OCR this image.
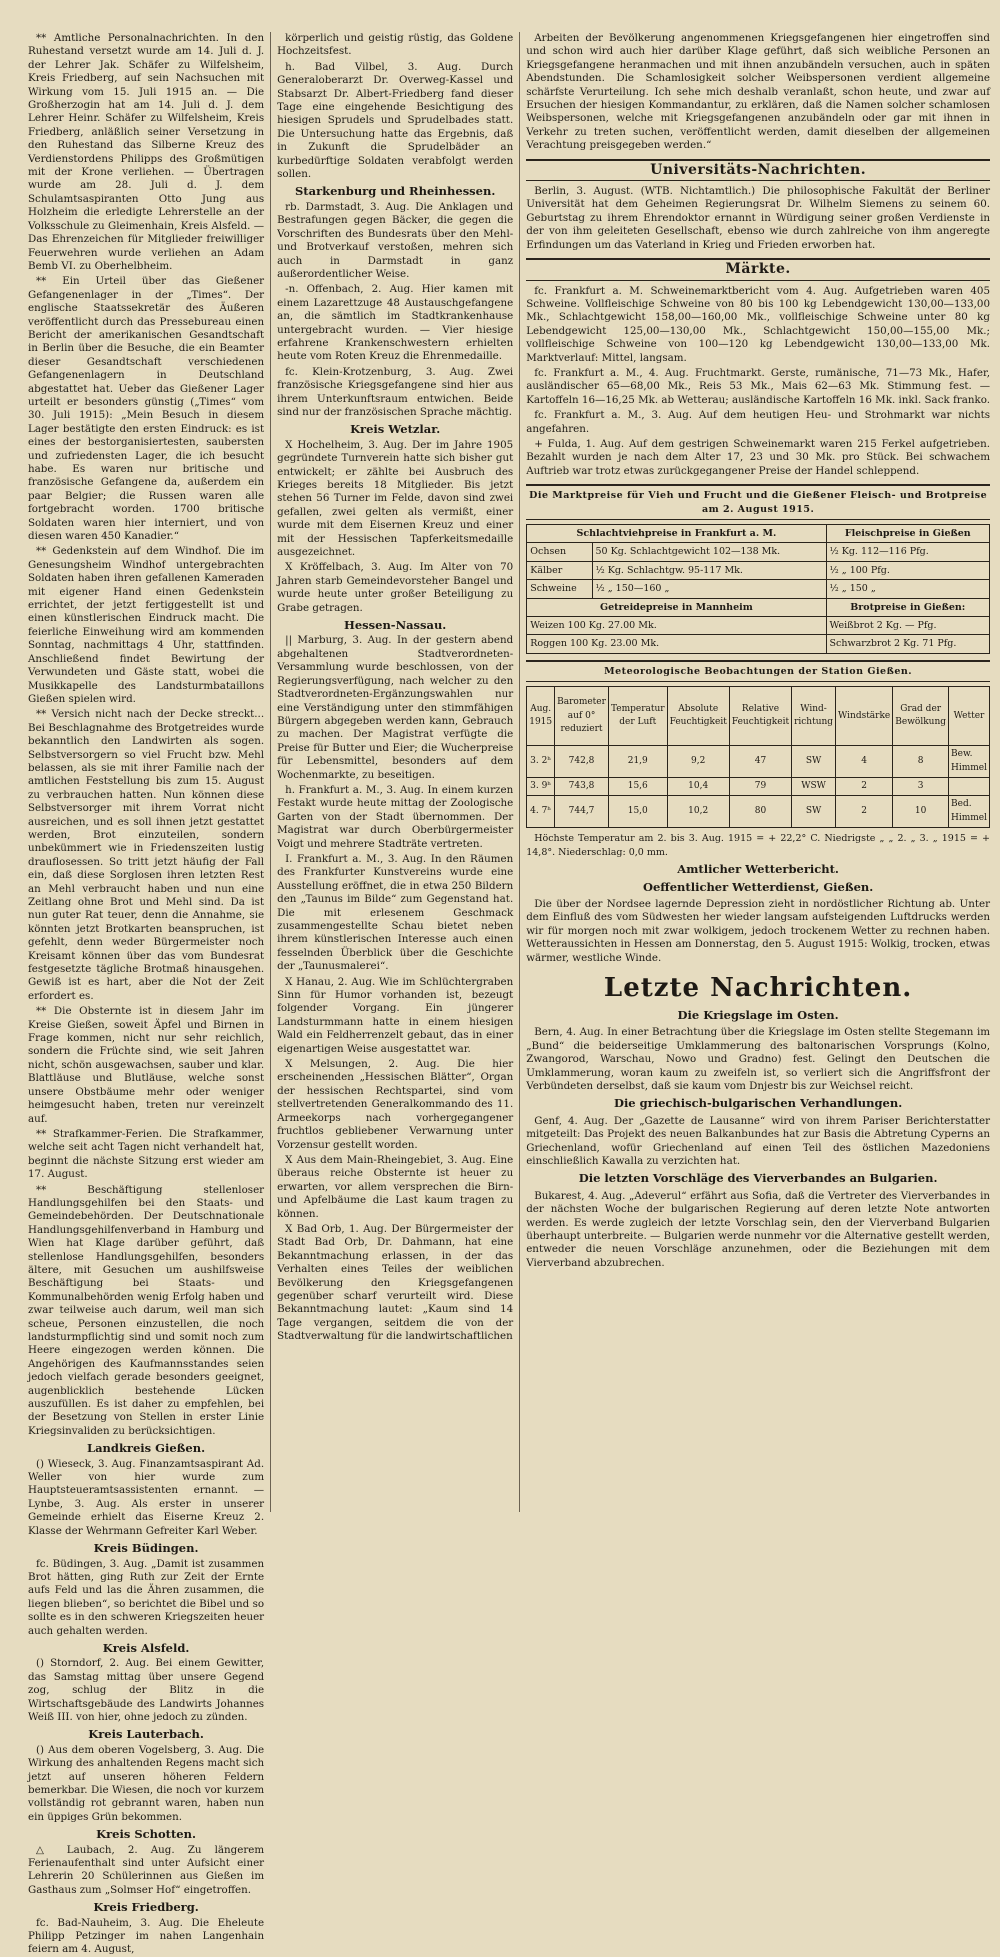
** Amtliche Personalnachrichten. In den Ruhestand versetzt wurde am 14. Juli d. J. der Lehrer Jak. Schäfer zu Wilfelsheim, Kreis Friedberg, auf sein Nachsuchen mit Wirkung vom 15. Juli 1915 an. — Die Großherzogin hat am 14. Juli d. J. dem Lehrer Heinr. Schäfer zu Wilfelsheim, Kreis Friedberg, anläßlich seiner Versetzung in den Ruhestand das Silberne Kreuz des Verdienstordens Philipps des Großmütigen mit der Krone verliehen. — Übertragen wurde am 28. Juli d. J. dem Schulamtsaspiranten Otto Jung aus Holzheim die erledigte Lehrerstelle an der Volksschule zu Gleimenhain, Kreis Alsfeld. — Das Ehrenzeichen für Mitglieder freiwilliger Feuerwehren wurde verliehen an Adam Bemb VI. zu Oberhelbheim.

** Ein Urteil über das Gießener Gefangenenlager in der „Times“. Der englische Staatssekretär des Äußeren veröffentlicht durch das Pressebureau einen Bericht der amerikanischen Gesandtschaft in Berlin über die Besuche, die ein Beamter dieser Gesandtschaft verschiedenen Gefangenenlagern in Deutschland abgestattet hat. Ueber das Gießener Lager urteilt er besonders günstig („Times“ vom 30. Juli 1915): „Mein Besuch in diesem Lager bestätigte den ersten Eindruck: es ist eines der bestorganisiertesten, saubersten und zufriedensten Lager, die ich besucht habe. Es waren nur britische und französische Gefangene da, außerdem ein paar Belgier; die Russen waren alle fortgebracht worden. 1700 britische Soldaten waren hier interniert, und von diesen waren 450 Kanadier.“

** Gedenkstein auf dem Windhof. Die im Genesungsheim Windhof untergebrachten Soldaten haben ihren gefallenen Kameraden mit eigener Hand einen Gedenkstein errichtet, der jetzt fertiggestellt ist und einen künstlerischen Eindruck macht. Die feierliche Einweihung wird am kommenden Sonntag, nachmittags 4 Uhr, stattfinden. Anschließend findet Bewirtung der Verwundeten und Gäste statt, wobei die Musikkapelle des Landsturmbataillons Gießen spielen wird.

** Versich nicht nach der Decke streckt... Bei Beschlagnahme des Brotgetreides wurde bekanntlich den Landwirten als sogen. Selbstversorgern so viel Frucht bzw. Mehl belassen, als sie mit ihrer Familie nach der amtlichen Feststellung bis zum 15. August zu verbrauchen hatten. Nun können diese Selbstversorger mit ihrem Vorrat nicht ausreichen, und es soll ihnen jetzt gestattet werden, Brot einzuteilen, sondern unbekümmert wie in Friedenszeiten lustig drauflosessen. So tritt jetzt häufig der Fall ein, daß diese Sorglosen ihren letzten Rest an Mehl verbraucht haben und nun eine Zeitlang ohne Brot und Mehl sind. Da ist nun guter Rat teuer, denn die Annahme, sie könnten jetzt Brotkarten beanspruchen, ist gefehlt, denn weder Bürgermeister noch Kreisamt können über das vom Bundesrat festgesetzte tägliche Brotmaß hinausgehen. Gewiß ist es hart, aber die Not der Zeit erfordert es.

** Die Obsternte ist in diesem Jahr im Kreise Gießen, soweit Äpfel und Birnen in Frage kommen, nicht nur sehr reichlich, sondern die Früchte sind, wie seit Jahren nicht, schön ausgewachsen, sauber und klar. Blattläuse und Blutläuse, welche sonst unsere Obstbäume mehr oder weniger heimgesucht haben, treten nur vereinzelt auf.

** Strafkammer-Ferien. Die Strafkammer, welche seit acht Tagen nicht verhandelt hat, beginnt die nächste Sitzung erst wieder am 17. August.

** Beschäftigung stellenloser Handlungsgehilfen bei den Staats- und Gemeindebehörden. Der Deutschnationale Handlungsgehilfenverband in Hamburg und Wien hat Klage darüber geführt, daß stellenlose Handlungsgehilfen, besonders ältere, mit Gesuchen um aushilfsweise Beschäftigung bei Staats- und Kommunalbehörden wenig Erfolg haben und zwar teilweise auch darum, weil man sich scheue, Personen einzustellen, die noch landsturmpflichtig sind und somit noch zum Heere eingezogen werden können. Die Angehörigen des Kaufmannsstandes seien jedoch vielfach gerade besonders geeignet, augenblicklich bestehende Lücken auszufüllen. Es ist daher zu empfehlen, bei der Besetzung von Stellen in erster Linie Kriegsinvaliden zu berücksichtigen.

Landkreis Gießen.

() Wieseck, 3. Aug. Finanzamtsaspirant Ad. Weller von hier wurde zum Hauptsteueramtsassistenten ernannt. — Lynbe, 3. Aug. Als erster in unserer Gemeinde erhielt das Eiserne Kreuz 2. Klasse der Wehrmann Gefreiter Karl Weber.

Kreis Büdingen.

fc. Büdingen, 3. Aug. „Damit ist zusammen Brot hätten, ging Ruth zur Zeit der Ernte aufs Feld und las die Ähren zusammen, die liegen blieben“, so berichtet die Bibel und so sollte es in den schweren Kriegszeiten heuer auch gehalten werden.

Kreis Alsfeld.

() Storndorf, 2. Aug. Bei einem Gewitter, das Samstag mittag über unsere Gegend zog, schlug der Blitz in die Wirtschaftsgebäude des Landwirts Johannes Weiß III. von hier, ohne jedoch zu zünden.

Kreis Lauterbach.

() Aus dem oberen Vogelsberg, 3. Aug. Die Wirkung des anhaltenden Regens macht sich jetzt auf unseren höheren Feldern bemerkbar. Die Wiesen, die noch vor kurzem vollständig rot gebrannt waren, haben nun ein üppiges Grün bekommen.

Kreis Schotten.

△ Laubach, 2. Aug. Zu längerem Ferienaufenthalt sind unter Aufsicht einer Lehrerin 20 Schülerinnen aus Gießen im Gasthaus zum „Solmser Hof“ eingetroffen.

Kreis Friedberg.

fc. Bad-Nauheim, 3. Aug. Die Eheleute Philipp Petzinger im nahen Langenhain feiern am 4. August,

körperlich und geistig rüstig, das Goldene Hochzeitsfest.

h. Bad Vilbel, 3. Aug. Durch Generaloberarzt Dr. Overweg-Kassel und Stabsarzt Dr. Albert-Friedberg fand dieser Tage eine eingehende Besichtigung des hiesigen Sprudels und Sprudelbades statt. Die Untersuchung hatte das Ergebnis, daß in Zukunft die Sprudelbäder an kurbedürftige Soldaten verabfolgt werden sollen.

Starkenburg und Rheinhessen.

rb. Darmstadt, 3. Aug. Die Anklagen und Bestrafungen gegen Bäcker, die gegen die Vorschriften des Bundesrats über den Mehl- und Brotverkauf verstoßen, mehren sich auch in Darmstadt in ganz außerordentlicher Weise.

-n. Offenbach, 2. Aug. Hier kamen mit einem Lazarettzuge 48 Austauschgefangene an, die sämtlich im Stadtkrankenhause untergebracht wurden. — Vier hiesige erfahrene Krankenschwestern erhielten heute vom Roten Kreuz die Ehrenmedaille.

fc. Klein-Krotzenburg, 3. Aug. Zwei französische Kriegsgefangene sind hier aus ihrem Unterkunftsraum entwichen. Beide sind nur der französischen Sprache mächtig.

Kreis Wetzlar.

X Hochelheim, 3. Aug. Der im Jahre 1905 gegründete Turnverein hatte sich bisher gut entwickelt; er zählte bei Ausbruch des Krieges bereits 18 Mitglieder. Bis jetzt stehen 56 Turner im Felde, davon sind zwei gefallen, zwei gelten als vermißt, einer wurde mit dem Eisernen Kreuz und einer mit der Hessischen Tapferkeitsmedaille ausgezeichnet.

X Kröffelbach, 3. Aug. Im Alter von 70 Jahren starb Gemeindevorsteher Bangel und wurde heute unter großer Beteiligung zu Grabe getragen.

Hessen-Nassau.

|| Marburg, 3. Aug. In der gestern abend abgehaltenen Stadtverordneten-Versammlung wurde beschlossen, von der Regierungsverfügung, nach welcher zu den Stadtverordneten-Ergänzungswahlen nur eine Verständigung unter den stimmfähigen Bürgern abgegeben werden kann, Gebrauch zu machen. Der Magistrat verfügte die Preise für Butter und Eier; die Wucherpreise für Lebensmittel, besonders auf dem Wochenmarkte, zu beseitigen.

h. Frankfurt a. M., 3. Aug. In einem kurzen Festakt wurde heute mittag der Zoologische Garten von der Stadt übernommen. Der Magistrat war durch Oberbürgermeister Voigt und mehrere Stadträte vertreten.

I. Frankfurt a. M., 3. Aug. In den Räumen des Frankfurter Kunstvereins wurde eine Ausstellung eröffnet, die in etwa 250 Bildern den „Taunus im Bilde“ zum Gegenstand hat. Die mit erlesenem Geschmack zusammengestellte Schau bietet neben ihrem künstlerischen Interesse auch einen fesselnden Überblick über die Geschichte der „Taunusmalerei“.

X Hanau, 2. Aug. Wie im Schlüchtergraben Sinn für Humor vorhanden ist, bezeugt folgender Vorgang. Ein jüngerer Landsturmmann hatte in einem hiesigen Wald ein Feldherrenzelt gebaut, das in einer eigenartigen Weise ausgestattet war.

X Melsungen, 2. Aug. Die hier erscheinenden „Hessischen Blätter“, Organ der hessischen Rechtspartei, sind vom stellvertretenden Generalkommando des 11. Armeekorps nach vorhergegangener fruchtlos gebliebener Verwarnung unter Vorzensur gestellt worden.

X Aus dem Main-Rheingebiet, 3. Aug. Eine überaus reiche Obsternte ist heuer zu erwarten, vor allem versprechen die Birn- und Apfelbäume die Last kaum tragen zu können.

X Bad Orb, 1. Aug. Der Bürgermeister der Stadt Bad Orb, Dr. Dahmann, hat eine Bekanntmachung erlassen, in der das Verhalten eines Teiles der weiblichen Bevölkerung den Kriegsgefangenen gegenüber scharf verurteilt wird. Diese Bekanntmachung lautet: „Kaum sind 14 Tage vergangen, seitdem die von der Stadtverwaltung für die landwirtschaftlichen

Arbeiten der Bevölkerung angenommenen Kriegsgefangenen hier eingetroffen sind und schon wird auch hier darüber Klage geführt, daß sich weibliche Personen an Kriegsgefangene heranmachen und mit ihnen anzubändeln versuchen, auch in späten Abendstunden. Die Schamlosigkeit solcher Weibspersonen verdient allgemeine schärfste Verurteilung. Ich sehe mich deshalb veranlaßt, schon heute, und zwar auf Ersuchen der hiesigen Kommandantur, zu erklären, daß die Namen solcher schamlosen Weibspersonen, welche mit Kriegsgefangenen anzubändeln oder gar mit ihnen in Verkehr zu treten suchen, veröffentlicht werden, damit dieselben der allgemeinen Verachtung preisgegeben werden.“

Universitäts-Nachrichten.

Berlin, 3. August. (WTB. Nichtamtlich.) Die philosophische Fakultät der Berliner Universität hat dem Geheimen Regierungsrat Dr. Wilhelm Siemens zu seinem 60. Geburtstag zu ihrem Ehrendoktor ernannt in Würdigung seiner großen Verdienste in der von ihm geleiteten Gesellschaft, ebenso wie durch zahlreiche von ihm angeregte Erfindungen um das Vaterland in Krieg und Frieden erworben hat.

Märkte.

fc. Frankfurt a. M. Schweinemarktbericht vom 4. Aug. Aufgetrieben waren 405 Schweine. Vollfleischige Schweine von 80 bis 100 kg Lebendgewicht 130,00—133,00 Mk., Schlachtgewicht 158,00—160,00 Mk., vollfleischige Schweine unter 80 kg Lebendgewicht 125,00—130,00 Mk., Schlachtgewicht 150,00—155,00 Mk.; vollfleischige Schweine von 100—120 kg Lebendgewicht 130,00—133,00 Mk. Marktverlauf: Mittel, langsam.

fc. Frankfurt a. M., 4. Aug. Fruchtmarkt. Gerste, rumänische, 71—73 Mk., Hafer, ausländischer 65—68,00 Mk., Reis 53 Mk., Mais 62—63 Mk. Stimmung fest. — Kartoffeln 16—16,25 Mk. ab Wetterau; ausländische Kartoffeln 16 Mk. inkl. Sack franko.

fc. Frankfurt a. M., 3. Aug. Auf dem heutigen Heu- und Strohmarkt war nichts angefahren.

+ Fulda, 1. Aug. Auf dem gestrigen Schweinemarkt waren 215 Ferkel aufgetrieben. Bezahlt wurden je nach dem Alter 17, 23 und 30 Mk. pro Stück. Bei schwachem Auftrieb war trotz etwas zurückgegangener Preise der Handel schleppend.

Die Marktpreise für Vieh und Frucht und die Gießener Fleisch- und Brotpreise am 2. August 1915.
Schlachtviehpreise in Frankfurt a. M.		Fleischpreise in Gießen
Ochsen	50 Kg. Schlachtgewicht 102—138 Mk.	½ Kg. 112—116 Pfg.
Kälber	½ Kg. Schlachtgw. 95-117 Mk.	½ „ 100 Pfg.
Schweine	½ „ 150—160 „	½ „ 150 „
Getreidepreise in Mannheim		Brotpreise in Gießen:
Weizen 100 Kg. 27.00 Mk.		Weißbrot 2 Kg. — Pfg.
Roggen 100 Kg. 23.00 Mk.		Schwarzbrot 2 Kg. 71 Pfg.
Meteorologische Beobachtungen der Station Gießen.
Aug. 1915	Barometer auf 0° reduziert	Temperatur der Luft	Absolute Feuchtigkeit	Relative Feuchtigkeit	Wind-richtung	Windstärke	Grad der Bewölkung	Wetter
3. 2ʰ	742,8	21,9	9,2	47	SW	4	8	Bew. Himmel
3. 9ʰ	743,8	15,6	10,4	79	WSW	2	3	
4. 7ʰ	744,7	15,0	10,2	80	SW	2	10	Bed. Himmel

Höchste Temperatur am 2. bis 3. Aug. 1915 = + 22,2° C. Niedrigste „ „ 2. „ 3. „ 1915 = + 14,8°. Niederschlag: 0,0 mm.

Amtlicher Wetterbericht.
Oeffentlicher Wetterdienst, Gießen.

Die über der Nordsee lagernde Depression zieht in nordöstlicher Richtung ab. Unter dem Einfluß des vom Südwesten her wieder langsam aufsteigenden Luftdrucks werden wir für morgen noch mit zwar wolkigem, jedoch trockenem Wetter zu rechnen haben. Wetteraussichten in Hessen am Donnerstag, den 5. August 1915: Wolkig, trocken, etwas wärmer, westliche Winde.

Letzte Nachrichten.
Die Kriegslage im Osten.

Bern, 4. Aug. In einer Betrachtung über die Kriegslage im Osten stellte Stegemann im „Bund“ die beiderseitige Umklammerung des baltonarischen Vorsprungs (Kolno, Zwangorod, Warschau, Nowo und Gradno) fest. Gelingt den Deutschen die Umklammerung, woran kaum zu zweifeln ist, so verliert sich die Angriffsfront der Verbündeten derselbst, daß sie kaum vom Dnjestr bis zur Weichsel reicht.

Die griechisch-bulgarischen Verhandlungen.

Genf, 4. Aug. Der „Gazette de Lausanne“ wird von ihrem Pariser Berichterstatter mitgeteilt: Das Projekt des neuen Balkanbundes hat zur Basis die Abtretung Cyperns an Griechenland, wofür Griechenland auf einen Teil des östlichen Mazedoniens einschließlich Kawalla zu verzichten hat.

Die letzten Vorschläge des Vierverbandes an Bulgarien.

Bukarest, 4. Aug. „Adeverul“ erfährt aus Sofia, daß die Vertreter des Vierverbandes in der nächsten Woche der bulgarischen Regierung auf deren letzte Note antworten werden. Es werde zugleich der letzte Vorschlag sein, den der Vierverband Bulgarien überhaupt unterbreite. — Bulgarien werde nunmehr vor die Alternative gestellt werden, entweder die neuen Vorschläge anzunehmen, oder die Beziehungen mit dem Vierverband abzubrechen.
